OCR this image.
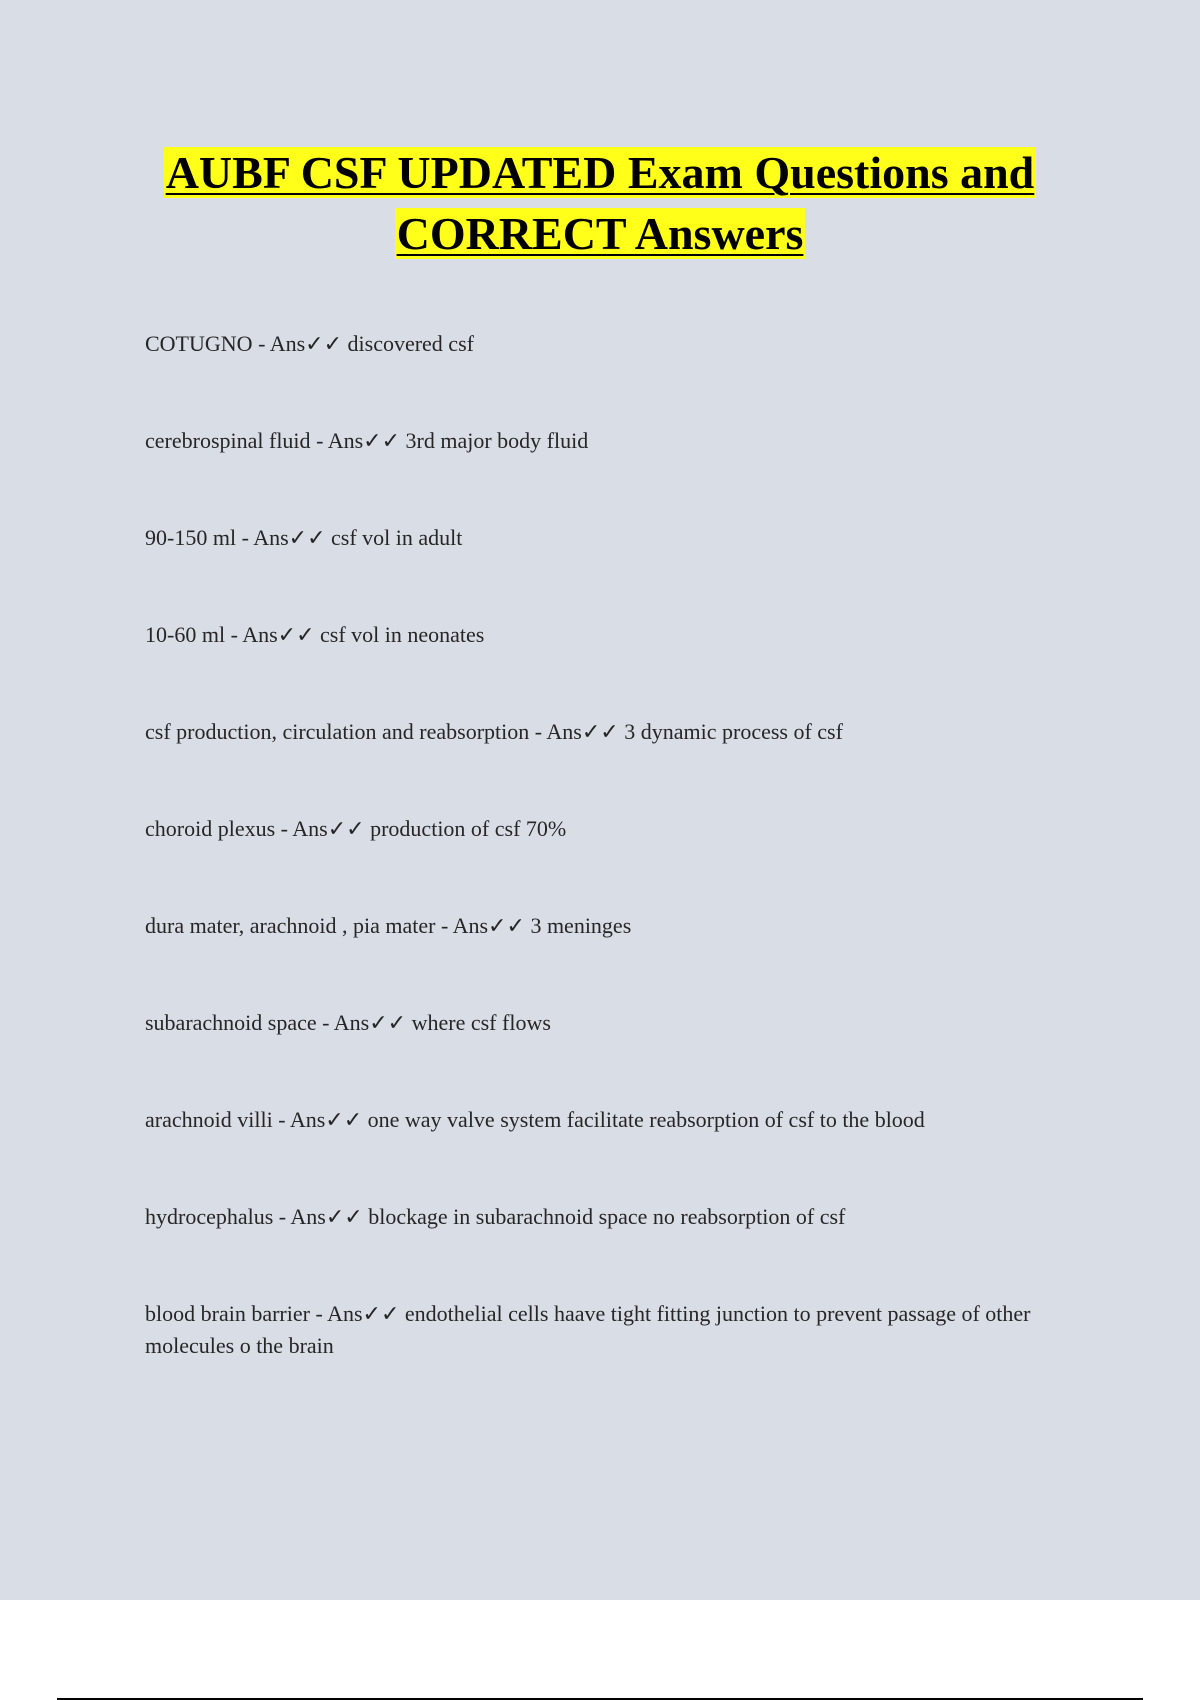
AUBF CSF UPDATED Exam Questions and
CORRECT Answers
COTUGNO - Ans✓✓ discovered csf
cerebrospinal fluid - Ans✓✓ 3rd major body fluid
90-150 ml - Ans✓✓ csf vol in adult
10-60 ml - Ans✓✓ csf vol in neonates
csf production, circulation and reabsorption - Ans✓✓ 3 dynamic process of csf
choroid plexus - Ans✓✓ production of csf 70%
dura mater, arachnoid , pia mater - Ans✓✓ 3 meninges
subarachnoid space - Ans✓✓ where csf flows
arachnoid villi - Ans✓✓ one way valve system facilitate reabsorption of csf to the blood
hydrocephalus - Ans✓✓ blockage in subarachnoid space no reabsorption of csf
blood brain barrier - Ans✓✓ endothelial cells haave tight fitting junction to prevent passage of other molecules o the brain
